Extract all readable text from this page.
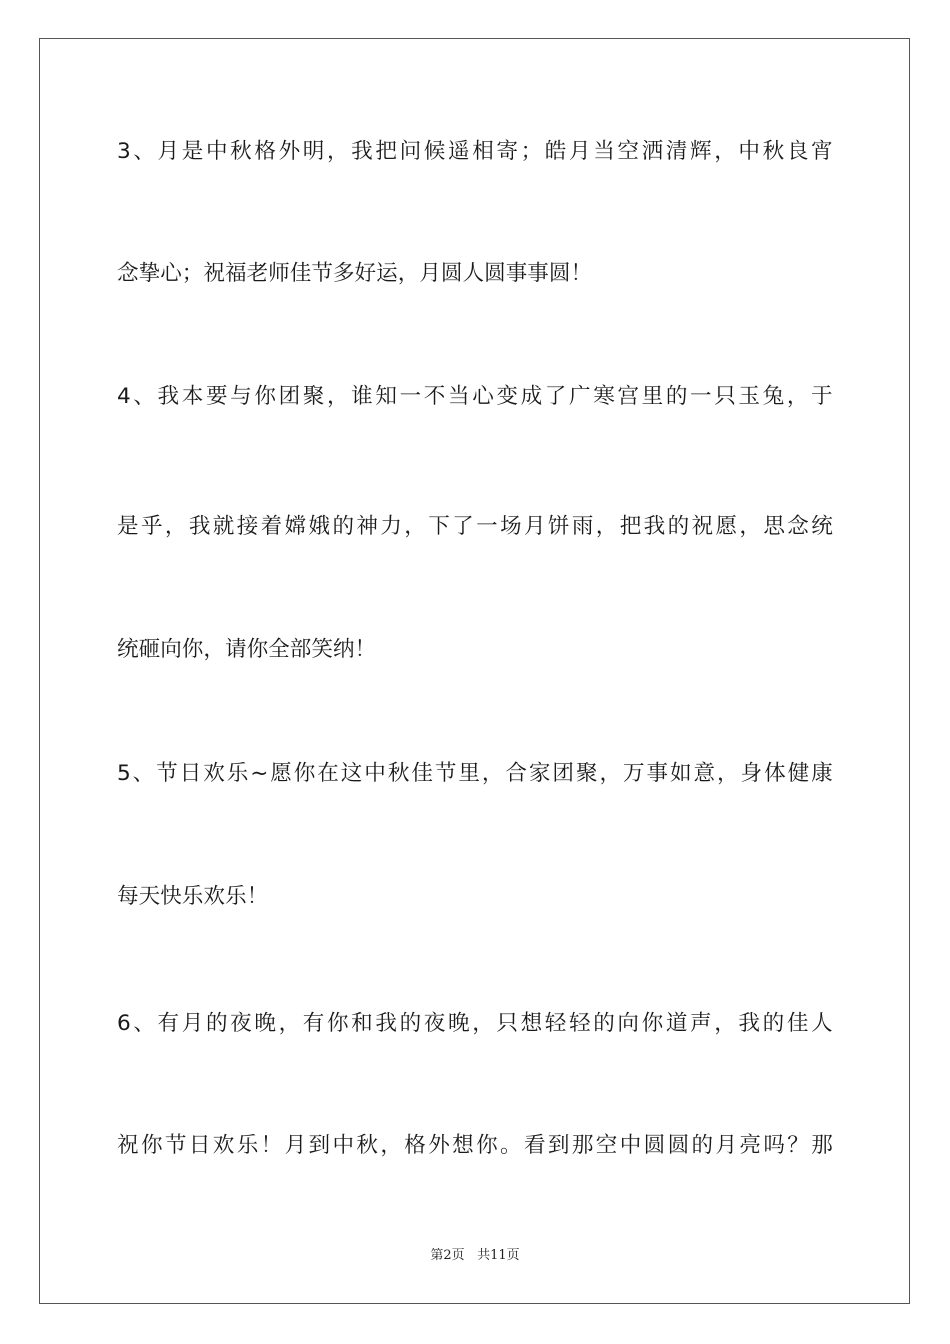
3 、 月 是 中 秋 格 外 明 ， 我 把 问 候 遥 相 寄 ； 皓 月 当 空 洒 清 辉 ， 中 秋 良 宵
念挚心；祝福老师佳节多好运，月圆人圆事事圆！
4 、 我 本 要 与 你 团 聚 ， 谁 知 一 不 当 心 变 成 了 广 寒 宫 里 的 一 只 玉 兔 ， 于
是 乎 ， 我 就 接 着 嫦 娥 的 神 力 ， 下 了 一 场 月 饼 雨 ， 把 我 的 祝 愿 ， 思 念 统
统砸向你，请你全部笑纳！
5 、 节 日 欢 乐 ~ 愿 你 在 这 中 秋 佳 节 里 ， 合 家 团 聚 ， 万 事 如 意 ， 身 体 健 康
每天快乐欢乐！
6 、 有 月 的 夜 晚 ， 有 你 和 我 的 夜 晚 ， 只 想 轻 轻 的 向 你 道 声 ， 我 的 佳 人
祝 你 节 日 欢 乐 ！ 月 到 中 秋 ， 格 外 想 你 。 看 到 那 空 中 圆 圆 的 月 亮 吗 ？ 那
第2页 共11页
